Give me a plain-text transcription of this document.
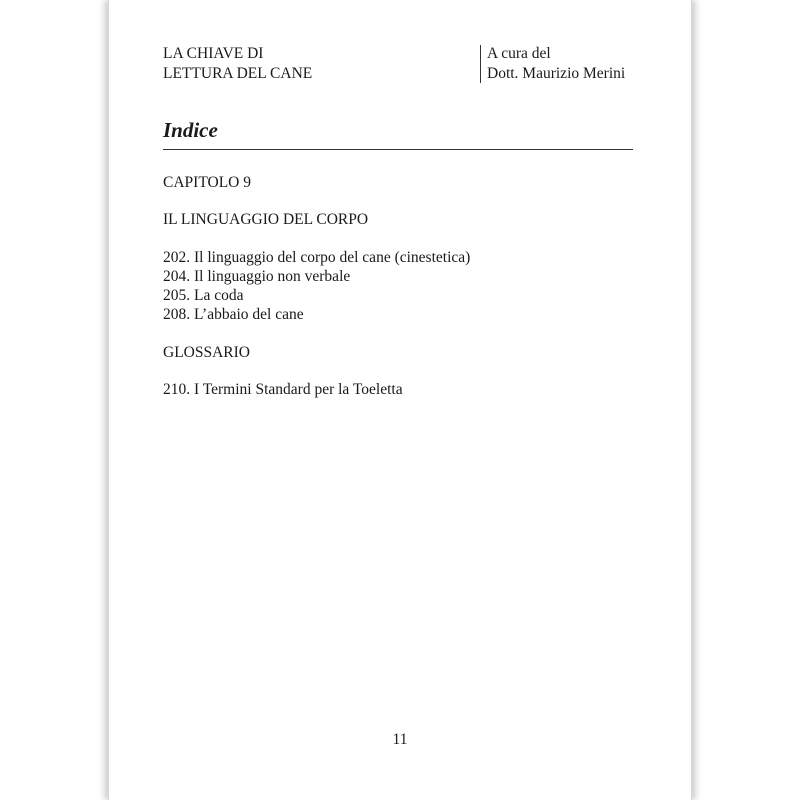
LA CHIAVE DI
LETTURA DEL CANE
A cura del
Dott. Maurizio Merini
Indice
CAPITOLO 9
IL LINGUAGGIO DEL CORPO
202. Il linguaggio del corpo del cane (cinestetica)
204. Il linguaggio non verbale
205. La coda
208. L’abbaio del cane
GLOSSARIO
210. I Termini Standard per la Toeletta
11
